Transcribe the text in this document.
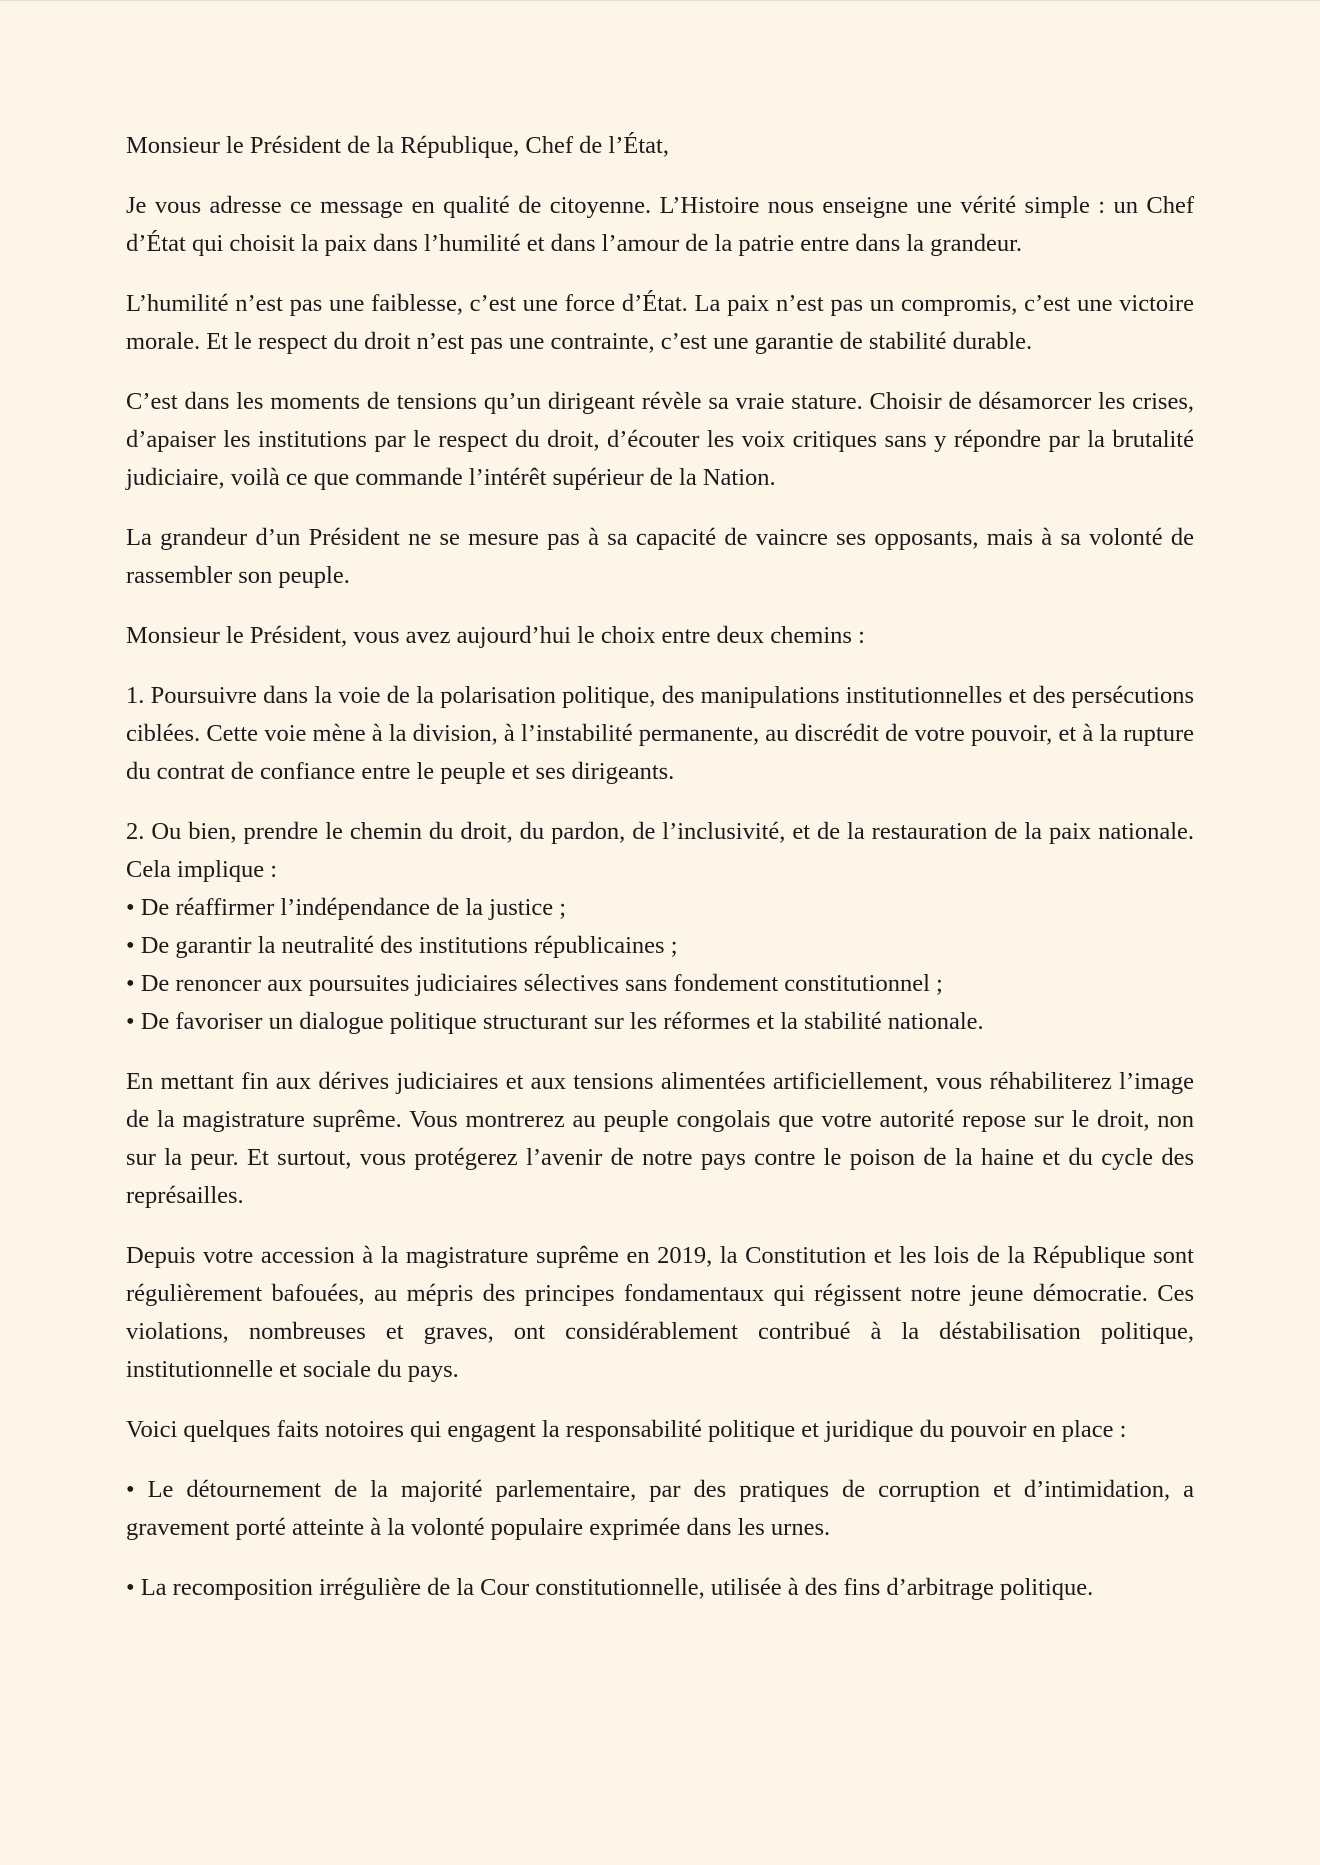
Monsieur le Président de la République, Chef de l’État,

Je vous adresse ce message en qualité de citoyenne. L’Histoire nous enseigne une vérité simple : un Chef d’État qui choisit la paix dans l’humilité et dans l’amour de la patrie entre dans la grandeur.

L’humilité n’est pas une faiblesse, c’est une force d’État. La paix n’est pas un compromis, c’est une victoire morale. Et le respect du droit n’est pas une contrainte, c’est une garantie de stabilité durable.

C’est dans les moments de tensions qu’un dirigeant révèle sa vraie stature. Choisir de désamorcer les crises, d’apaiser les institutions par le respect du droit, d’écouter les voix critiques sans y répondre par la brutalité judiciaire, voilà ce que commande l’intérêt supérieur de la Nation.

La grandeur d’un Président ne se mesure pas à sa capacité de vaincre ses opposants, mais à sa volonté de rassembler son peuple.

Monsieur le Président, vous avez aujourd’hui le choix entre deux chemins :

1. Poursuivre dans la voie de la polarisation politique, des manipulations institutionnelles et des persécutions ciblées. Cette voie mène à la division, à l’instabilité permanente, au discrédit de votre pouvoir, et à la rupture du contrat de confiance entre le peuple et ses dirigeants.

2. Ou bien, prendre le chemin du droit, du pardon, de l’inclusivité, et de la restauration de la paix nationale. Cela implique :

• De réaffirmer l’indépendance de la justice ;

• De garantir la neutralité des institutions républicaines ;

• De renoncer aux poursuites judiciaires sélectives sans fondement constitutionnel ;

• De favoriser un dialogue politique structurant sur les réformes et la stabilité nationale.

En mettant fin aux dérives judiciaires et aux tensions alimentées artificiellement, vous réhabiliterez l’image de la magistrature suprême. Vous montrerez au peuple congolais que votre autorité repose sur le droit, non sur la peur. Et surtout, vous protégerez l’avenir de notre pays contre le poison de la haine et du cycle des représailles.

Depuis votre accession à la magistrature suprême en 2019, la Constitution et les lois de la République sont régulièrement bafouées, au mépris des principes fondamentaux qui régissent notre jeune démocratie. Ces violations, nombreuses et graves, ont considérablement contribué à la déstabilisation politique, institutionnelle et sociale du pays.

Voici quelques faits notoires qui engagent la responsabilité politique et juridique du pouvoir en place :

• Le détournement de la majorité parlementaire, par des pratiques de corruption et d’intimidation, a gravement porté atteinte à la volonté populaire exprimée dans les urnes.

• La recomposition irrégulière de la Cour constitutionnelle, utilisée à des fins d’arbitrage politique.
